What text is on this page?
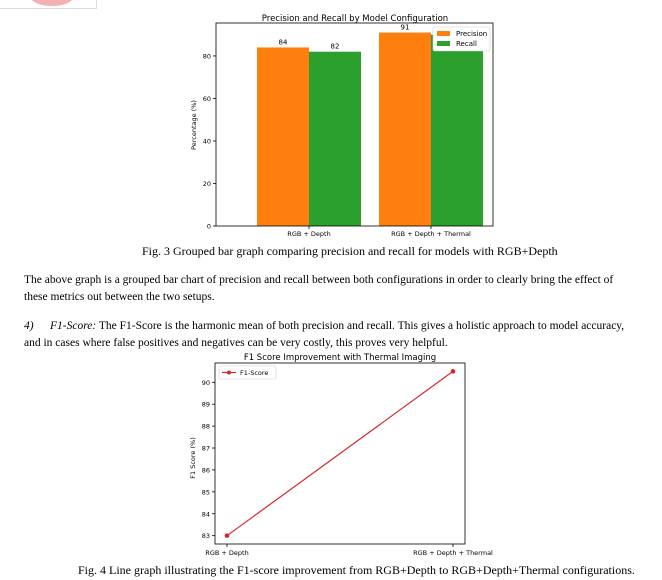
Precision and Recall by Model Configuration
Percentage (%)
0
20
40
60
80
RGB + Depth	RGB + Depth + Thermal
84
82
91
Precision
Recall
Fig. 3 Grouped bar graph comparing precision and recall for models with RGB+Depth
The above graph is a grouped bar chart of precision and recall between both configurations in order to clearly bring the effect of these metrics out between the two setups.
4) F1-Score: The F1-Score is the harmonic mean of both precision and recall. This gives a holistic approach to model accuracy, and in cases where false positives and negatives can be very costly, this proves very helpful.
F1 Score Improvement with Thermal Imaging
F1 Score (%)
83
84
85
86
87
88
89
90
RGB + Depth	RGB + Depth + Thermal
F1-Score
Fig. 4 Line graph illustrating the F1-score improvement from RGB+Depth to RGB+Depth+Thermal configurations.
